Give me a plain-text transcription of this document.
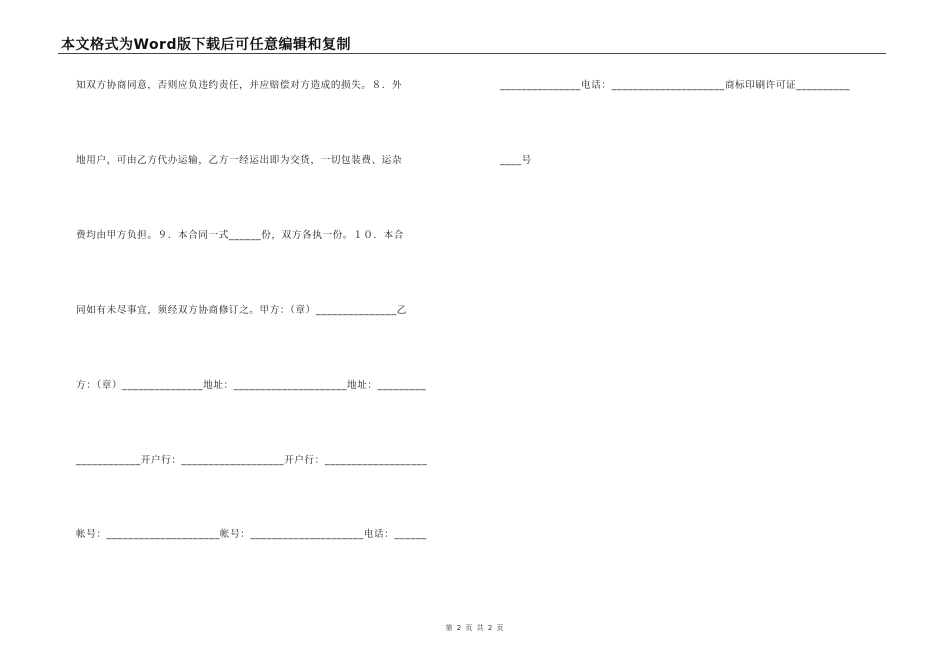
本文格式为Word版下载后可任意编辑和复制
知双方协商同意，否则应负违约责任，并应赔偿对方造成的损失。８．外
地用户，可由乙方代办运输，乙方一经运出即为交货，一切包装费、运杂
费均由甲方负担。９．本合同一式______份，双方各执一份。１０．本合
同如有未尽事宜，须经双方协商修订之。甲方：（章）_______________乙
方：（章）_______________地址：_____________________地址：_________
____________开户行：___________________开户行：___________________
帐号：_____________________帐号：_____________________电话：______
_______________电话：_____________________商标印刷许可证__________
____号
第 2 页 共 2 页
